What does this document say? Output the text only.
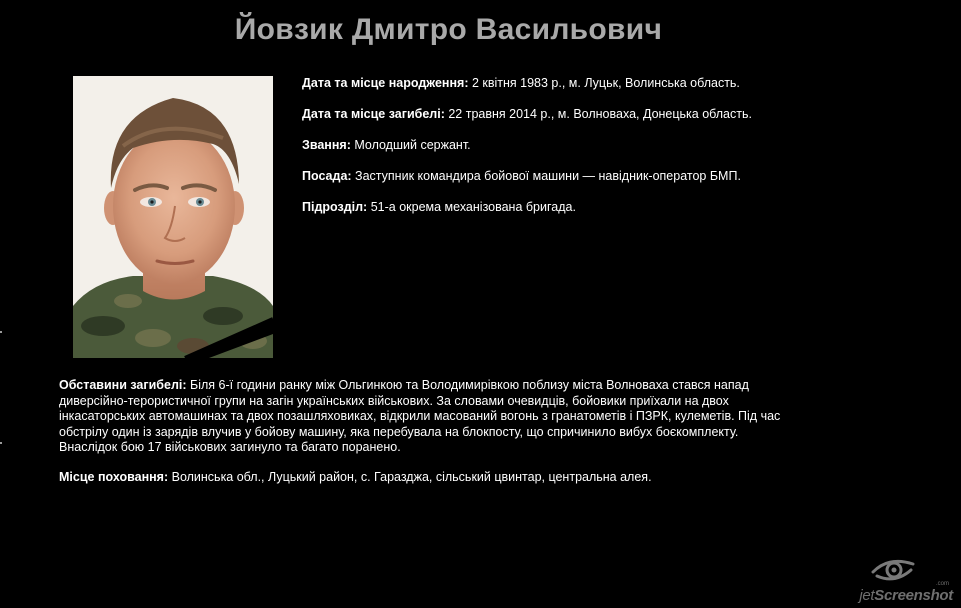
Йовзик Дмитро Васильович
Дата та місце народження: 2 квітня 1983 р., м. Луцьк, Волинська область.
Дата та місце загибелі: 22 травня 2014 р., м. Волноваха, Донецька область.
Звання: Молодший сержант.
Посада: Заступник командира бойової машини — навідник-оператор БМП.
Підрозділ: 51-а окрема механізована бригада.
Обставини загибелі: Біля 6-ї години ранку між Ольгинкою та Володимирівкою поблизу міста Волноваха стався напад
диверсійно-терористичної групи на загін українських військових. За словами очевидців, бойовики приїхали на двох
інкасаторських автомашинах та двох позашляховиках, відкрили масований вогонь з гранатометів і ПЗРК, кулеметів. Під час
обстрілу один із зарядів влучив у бойову машину, яка перебувала на блокпосту, що спричинило вибух боєкомплекту.
Внаслідок бою 17 військових загинуло та багато поранено.
Місце поховання: Волинська обл., Луцький район, с. Гаразджа, сільський цвинтар, центральна алея.
.com
jetScreenshot
